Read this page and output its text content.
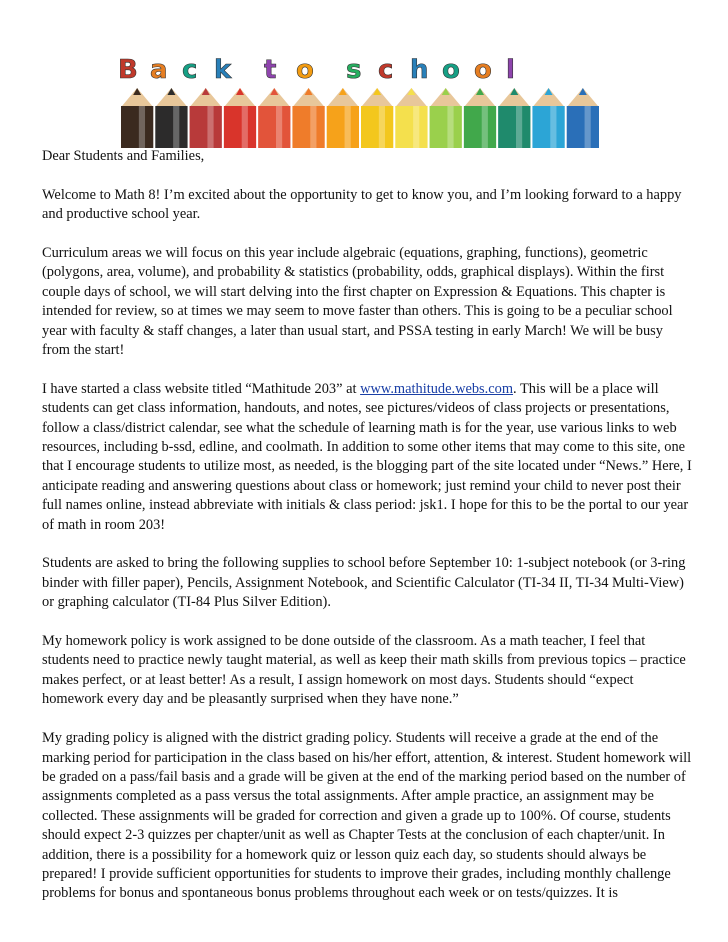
B a c k t o s c h o o l

Dear Students and Families,

Welcome to Math 8! I’m excited about the opportunity to get to know you, and I’m looking forward to a happy and productive school year.

Curriculum areas we will focus on this year include algebraic (equations, graphing, functions), geometric (polygons, area, volume), and probability & statistics (probability, odds, graphical displays). Within the first couple days of school, we will start delving into the first chapter on Expression & Equations. This chapter is intended for review, so at times we may seem to move faster than others. This is going to be a peculiar school year with faculty & staff changes, a later than usual start, and PSSA testing in early March! We will be busy from the start!

I have started a class website titled “Mathitude 203” at www.mathitude.webs.com. This will be a place will students can get class information, handouts, and notes, see pictures/videos of class projects or presentations, follow a class/district calendar, see what the schedule of learning math is for the year, use various links to web resources, including b-ssd, edline, and coolmath. In addition to some other items that may come to this site, one that I encourage students to utilize most, as needed, is the blogging part of the site located under “News.” Here, I anticipate reading and answering questions about class or homework; just remind your child to never post their full names online, instead abbreviate with initials & class period: jsk1. I hope for this to be the portal to our year of math in room 203!

Students are asked to bring the following supplies to school before September 10: 1-subject notebook (or 3-ring binder with filler paper), Pencils, Assignment Notebook, and Scientific Calculator (TI-34 II, TI-34 Multi-View) or graphing calculator (TI-84 Plus Silver Edition).

My homework policy is work assigned to be done outside of the classroom. As a math teacher, I feel that students need to practice newly taught material, as well as keep their math skills from previous topics – practice makes perfect, or at least better! As a result, I assign homework on most days. Students should “expect homework every day and be pleasantly surprised when they have none.”

My grading policy is aligned with the district grading policy. Students will receive a grade at the end of the marking period for participation in the class based on his/her effort, attention, & interest. Student homework will be graded on a pass/fail basis and a grade will be given at the end of the marking period based on the number of assignments completed as a pass versus the total assignments. After ample practice, an assignment may be collected. These assignments will be graded for correction and given a grade up to 100%. Of course, students should expect 2-3 quizzes per chapter/unit as well as Chapter Tests at the conclusion of each chapter/unit. In addition, there is a possibility for a homework quiz or lesson quiz each day, so students should always be prepared! I provide sufficient opportunities for students to improve their grades, including monthly challenge problems for bonus and spontaneous bonus problems throughout each week or on tests/quizzes. It is
